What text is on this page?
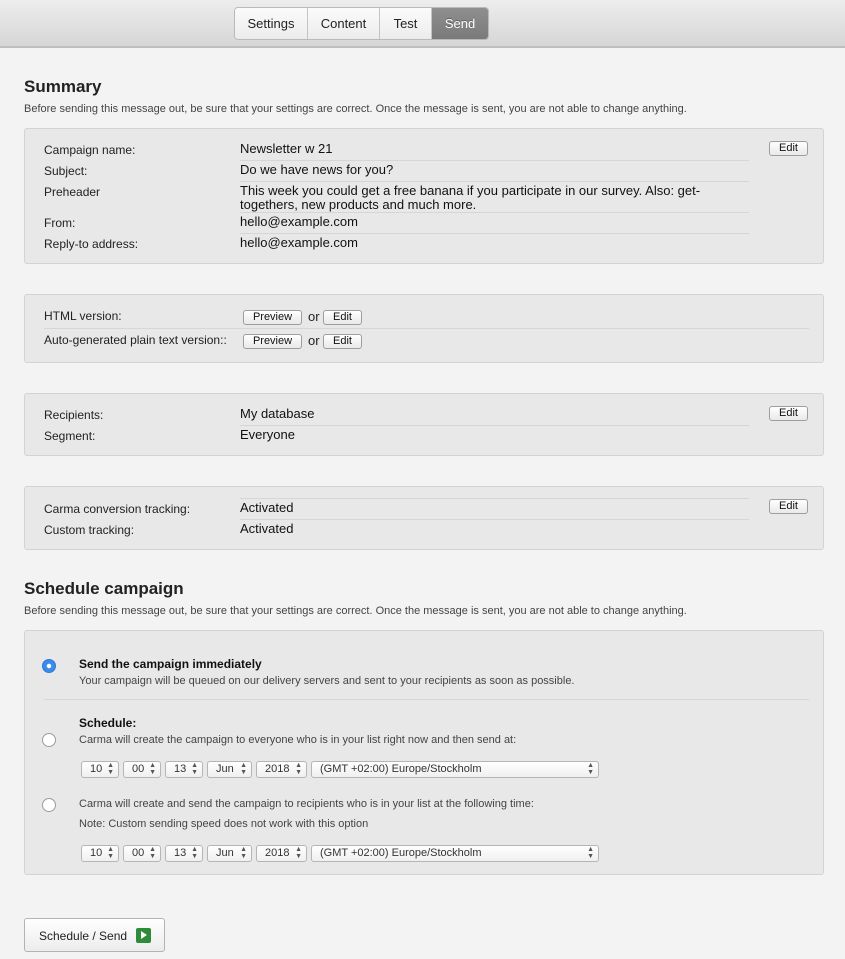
Settings	Content	Test	Send
Summary
Before sending this message out, be sure that your settings are correct. Once the message is sent, you are not able to change anything.
Campaign name:	Newsletter w 21
Subject:	Do we have news for you?
Preheader	This week you could get a free banana if you participate in our survey. Also: get-togethers, new products and much more.
From:	hello@example.com
Reply-to address:	hello@example.com
Edit
HTML version:	Preview	or	Edit
Auto-generated plain text version::	Preview	or	Edit
Recipients:	My database
Segment:	Everyone
Edit
Carma conversion tracking:	Activated
Custom tracking:	Activated
Edit
Schedule campaign
Before sending this message out, be sure that your settings are correct. Once the message is sent, you are not able to change anything.
Send the campaign immediately
Your campaign will be queued on our delivery servers and sent to your recipients as soon as possible.
Schedule:
Carma will create the campaign to everyone who is in your list right now and then send at:
10 ▲
▼	00 ▲
▼	13 ▲
▼	Jun ▲
▼	2018 ▲
▼	(GMT +02:00) Europe/Stockholm	▲
▼
Carma will create and send the campaign to recipients who is in your list at the following time:
Note: Custom sending speed does not work with this option
10 ▲
▼	00 ▲
▼	13 ▲
▼	Jun ▲
▼	2018 ▲
▼	(GMT +02:00) Europe/Stockholm	▲
▼
Schedule / Send
